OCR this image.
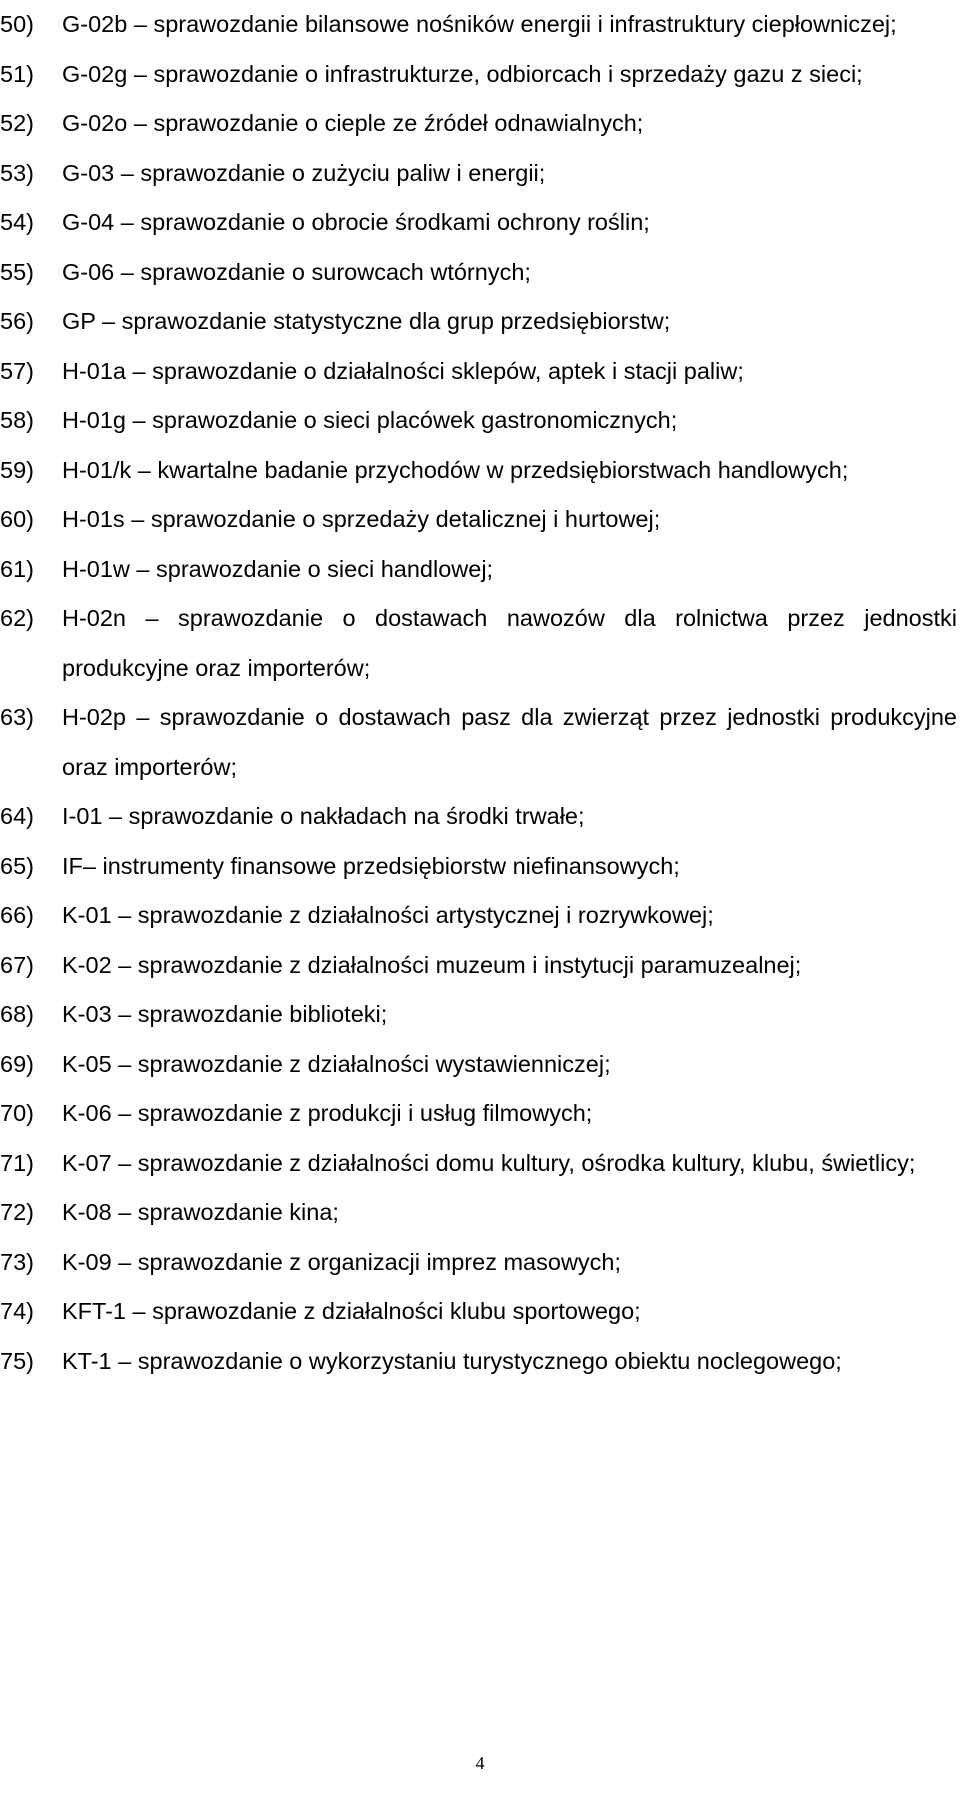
50)	G-02b – sprawozdanie bilansowe nośników energii i infrastruktury ciepłowniczej;
51)	G-02g – sprawozdanie o infrastrukturze, odbiorcach i sprzedaży gazu z sieci;
52)	G-02o – sprawozdanie o cieple ze źródeł odnawialnych;
53)	G-03 – sprawozdanie o zużyciu paliw i energii;
54)	G-04 – sprawozdanie o obrocie środkami ochrony roślin;
55)	G-06 – sprawozdanie o surowcach wtórnych;
56)	GP – sprawozdanie statystyczne dla grup przedsiębiorstw;
57)	H-01a – sprawozdanie o działalności sklepów, aptek i stacji paliw;
58)	H-01g – sprawozdanie o sieci placówek gastronomicznych;
59)	H-01/k – kwartalne badanie przychodów w przedsiębiorstwach handlowych;
60)	H-01s – sprawozdanie o sprzedaży detalicznej i hurtowej;
61)	H-01w – sprawozdanie o sieci handlowej;
62)	H-02n – sprawozdanie o dostawach nawozów dla rolnictwa przez jednostki produkcyjne oraz importerów;
63)	H-02p – sprawozdanie o dostawach pasz dla zwierząt przez jednostki produkcyjne oraz importerów;
64)	I-01 – sprawozdanie o nakładach na środki trwałe;
65)	IF– instrumenty finansowe przedsiębiorstw niefinansowych;
66)	K-01 – sprawozdanie z działalności artystycznej i rozrywkowej;
67)	K-02 – sprawozdanie z działalności muzeum i instytucji paramuzealnej;
68)	K-03 – sprawozdanie biblioteki;
69)	K-05 – sprawozdanie z działalności wystawienniczej;
70)	K-06 – sprawozdanie z produkcji i usług filmowych;
71)	K-07 – sprawozdanie z działalności domu kultury, ośrodka kultury, klubu, świetlicy;
72)	K-08 – sprawozdanie kina;
73)	K-09 – sprawozdanie z organizacji imprez masowych;
74)	KFT-1 – sprawozdanie z działalności klubu sportowego;
75)	KT-1 – sprawozdanie o wykorzystaniu turystycznego obiektu noclegowego;
4
